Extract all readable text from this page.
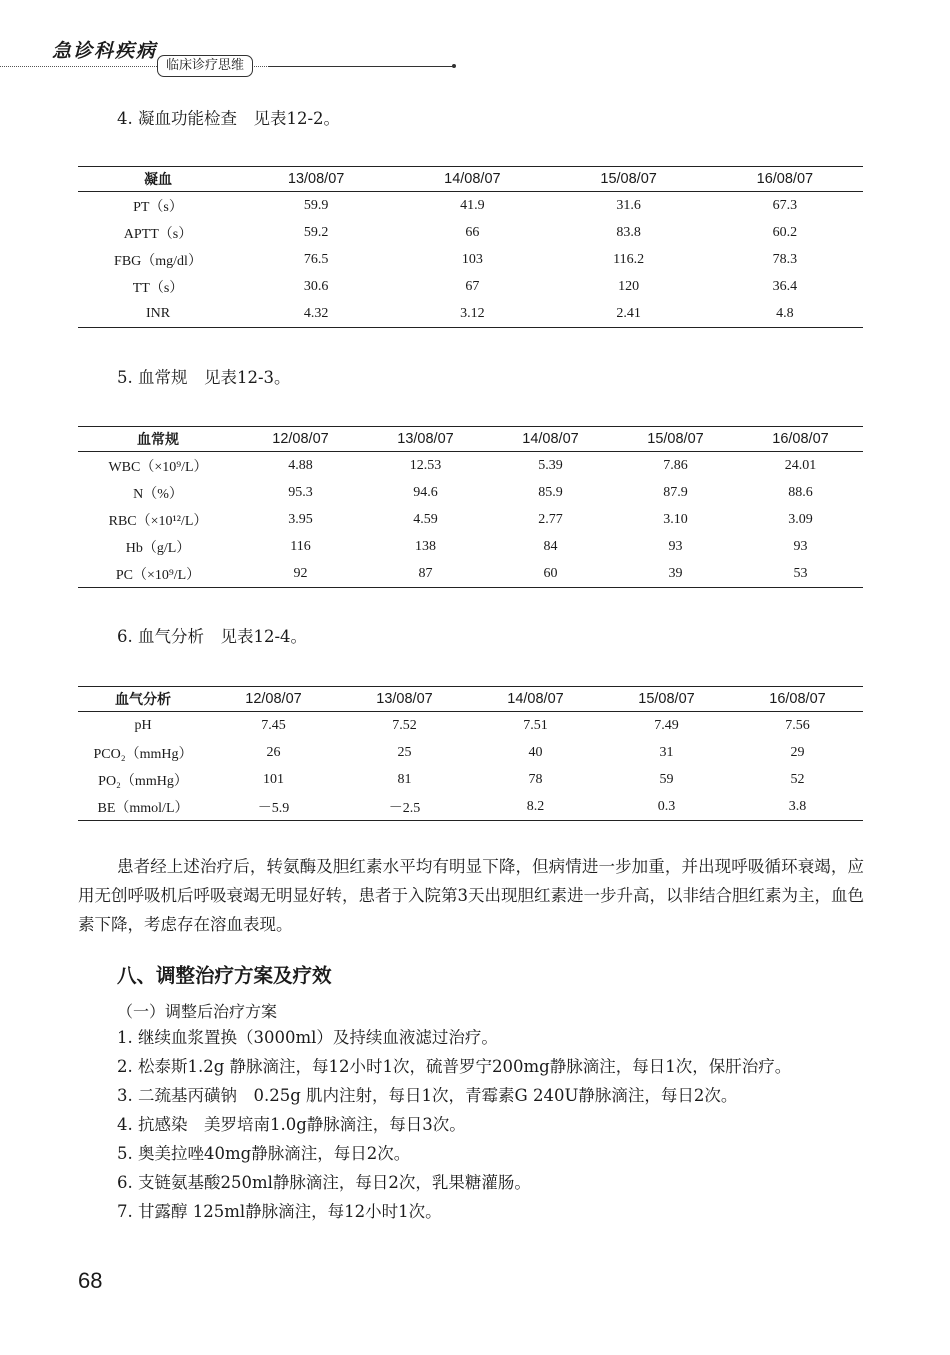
急诊科疾病
临床诊疗思维
4. 凝血功能检查　见表12-2。
凝血	13/08/07	14/08/07	15/08/07	16/08/07
PT（s）	59.9	41.9	31.6	67.3
APTT（s）	59.2	66	83.8	60.2
FBG（mg/dl）	76.5	103	116.2	78.3
TT（s）	30.6	67	120	36.4
INR	4.32	3.12	2.41	4.8
5. 血常规　见表12-3。
血常规	12/08/07	13/08/07	14/08/07	15/08/07	16/08/07
WBC（×10⁹/L）	4.88	12.53	5.39	7.86	24.01
N（%）	95.3	94.6	85.9	87.9	88.6
RBC（×10¹²/L）	3.95	4.59	2.77	3.10	3.09
Hb（g/L）	116	138	84	93	93
PC（×10⁹/L）	92	87	60	39	53
6. 血气分析　见表12-4。
血气分析	12/08/07	13/08/07	14/08/07	15/08/07	16/08/07
pH	7.45	7.52	7.51	7.49	7.56
PCO₂（mmHg）	26	25	40	31	29
PO₂（mmHg）	101	81	78	59	52
BE（mmol/L）	－5.9	－2.5	8.2	0.3	3.8

患者经上述治疗后，转氨酶及胆红素水平均有明显下降，但病情进一步加重，并出现呼吸循环衰竭，应用无创呼吸机后呼吸衰竭无明显好转，患者于入院第3天出现胆红素进一步升高，以非结合胆红素为主，血色素下降，考虑存在溶血表现。

八、调整治疗方案及疗效
（一）调整后治疗方案

1. 继续血浆置换（3000ml）及持续血液滤过治疗。

2. 松泰斯1.2g 静脉滴注，每12小时1次，硫普罗宁200mg静脉滴注，每日1次，保肝治疗。

3. 二巯基丙磺钠　0.25g 肌内注射，每日1次，青霉素G 240U静脉滴注，每日2次。

4. 抗感染　美罗培南1.0g静脉滴注，每日3次。

5. 奥美拉唑40mg静脉滴注，每日2次。

6. 支链氨基酸250ml静脉滴注，每日2次，乳果糖灌肠。

7. 甘露醇 125ml静脉滴注，每12小时1次。

68
